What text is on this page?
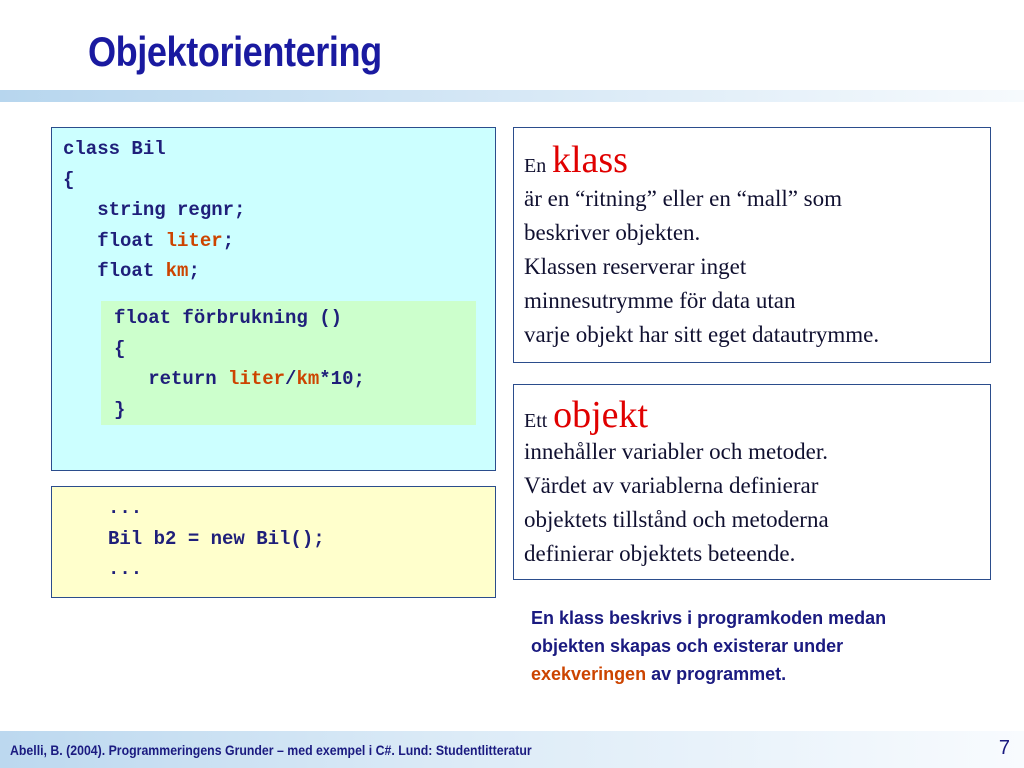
Objektorientering
class Bil
{
string regnr;
float liter;
float km;
float förbrukning ()
{
return liter/km*10;
}
...
Bil b2 = new Bil();
...
En klass
är en “ritning” eller en “mall” som
beskriver objekten.
Klassen reserverar inget
minnesutrymme för data utan
varje objekt har sitt eget datautrymme.
Ett objekt
innehåller variabler och metoder.
Värdet av variablerna definierar
objektets tillstånd och metoderna
definierar objektets beteende.
En klass beskrivs i programkoden medan objekten skapas och existerar under exekveringen av programmet.
Abelli, B. (2004). Programmeringens Grunder – med exempel i C#. Lund: Studentlitteratur	7
